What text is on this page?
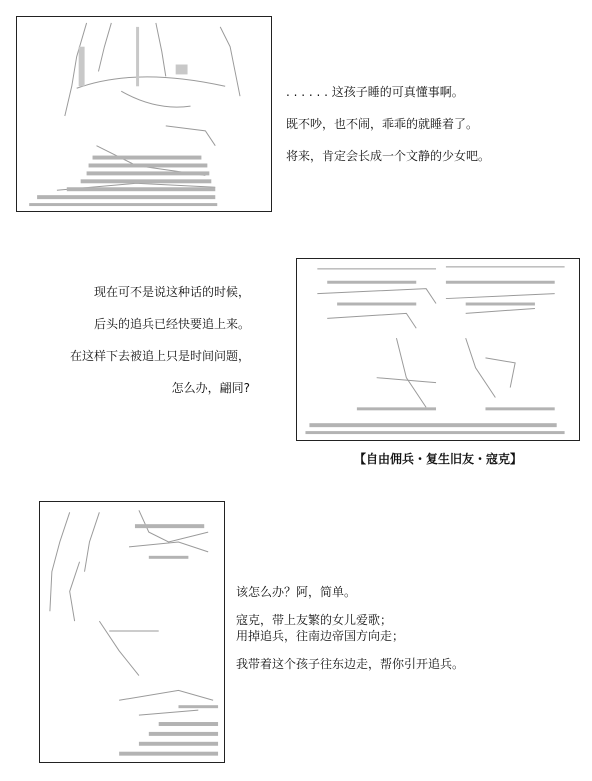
. . . . . . 这孩子睡的可真懂事啊。
既不吵，也不闹，乖乖的就睡着了。
将来，肯定会长成一个文静的少女吧。
现在可不是说这种话的时候，
后头的追兵已经快要追上来。
在这样下去被追上只是时间问题，
怎么办，翩同?
【自由佣兵・复生旧友・寇克】
该怎么办？阿，简单。
寇克，带上友繁的女儿爱歌；
用掉追兵，往南边帝国方向走；
我带着这个孩子往东边走，帮你引开追兵。
